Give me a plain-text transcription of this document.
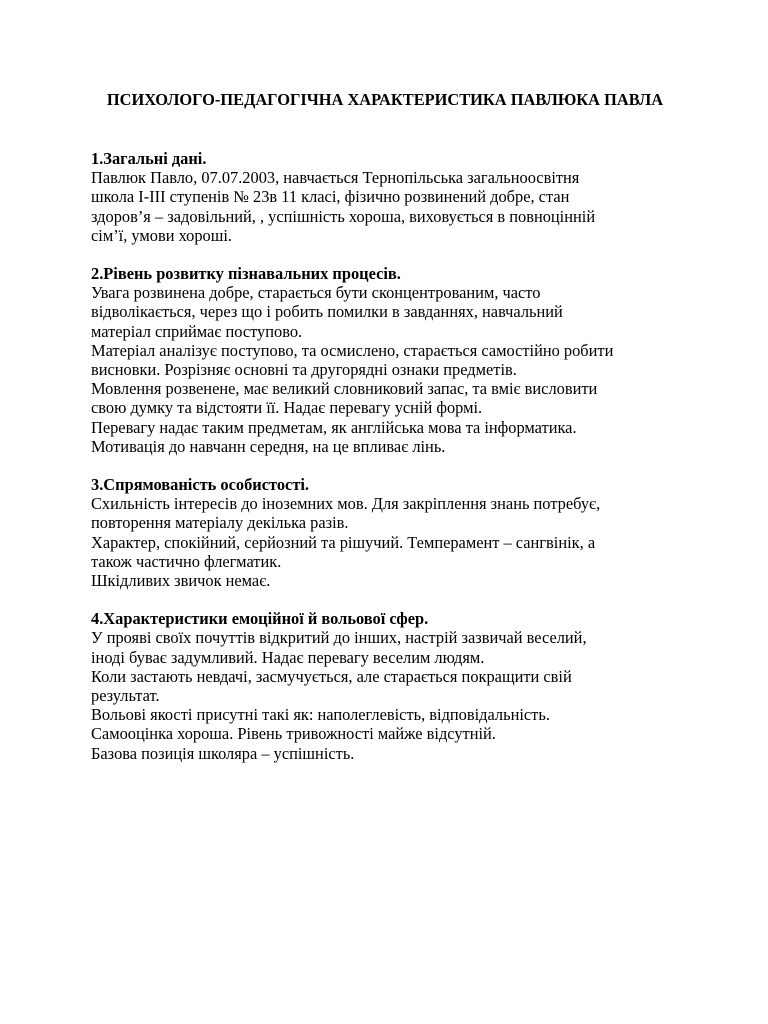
ПСИХОЛОГО-ПЕДАГОГІЧНА ХАРАКТЕРИСТИКА ПАВЛЮКА ПАВЛА

1.Загальні дані.

Павлюк Павло, 07.07.2003, навчається Тернопільська загальноосвітня

школа І-ІІІ ступенів № 23в 11 класі, фізично розвинений добре, стан

здоров’я – задовільний, , успішність хороша, виховується в повноцінній

сім’ї, умови хороші.

2.Рівень розвитку пізнавальних процесів.

Увага розвинена добре, старається бути сконцентрованим, часто

відволікається, через що і робить помилки в завданнях, навчальний

матеріал сприймає поступово.

Матеріал аналізує поступово, та осмислено, старається самостійно робити

висновки. Розрізняє основні та другорядні ознаки предметів.

Мовлення розвенене, має великий словниковий запас, та вміє висловити

свою думку та відстояти її. Надає перевагу усній формі.

Перевагу надає таким предметам, як англійська мова та інформатика.

Мотивація до навчанн середня, на це впливає лінь.

3.Спрямованість особистості.

Схильність інтересів до іноземних мов. Для закріплення знань потребує,

повторення матеріалу декілька разів.

Характер, спокійний, серйозний та рішучий. Темперамент – сангвінік, а

також частично флегматик.

Шкідливих звичок немає.

4.Характеристики емоційної й вольової сфер.

У прояві своїх почуттів відкритий до інших, настрій зазвичай веселий,

іноді буває задумливий. Надає перевагу веселим людям.

Коли застають невдачі, засмучується, але старається покращити свій

результат.

Вольові якості присутні такі як: наполеглевість, відповідальність.

Самооцінка хороша. Рівень тривожності майже відсутній.

Базова позиція школяра – успішність.
